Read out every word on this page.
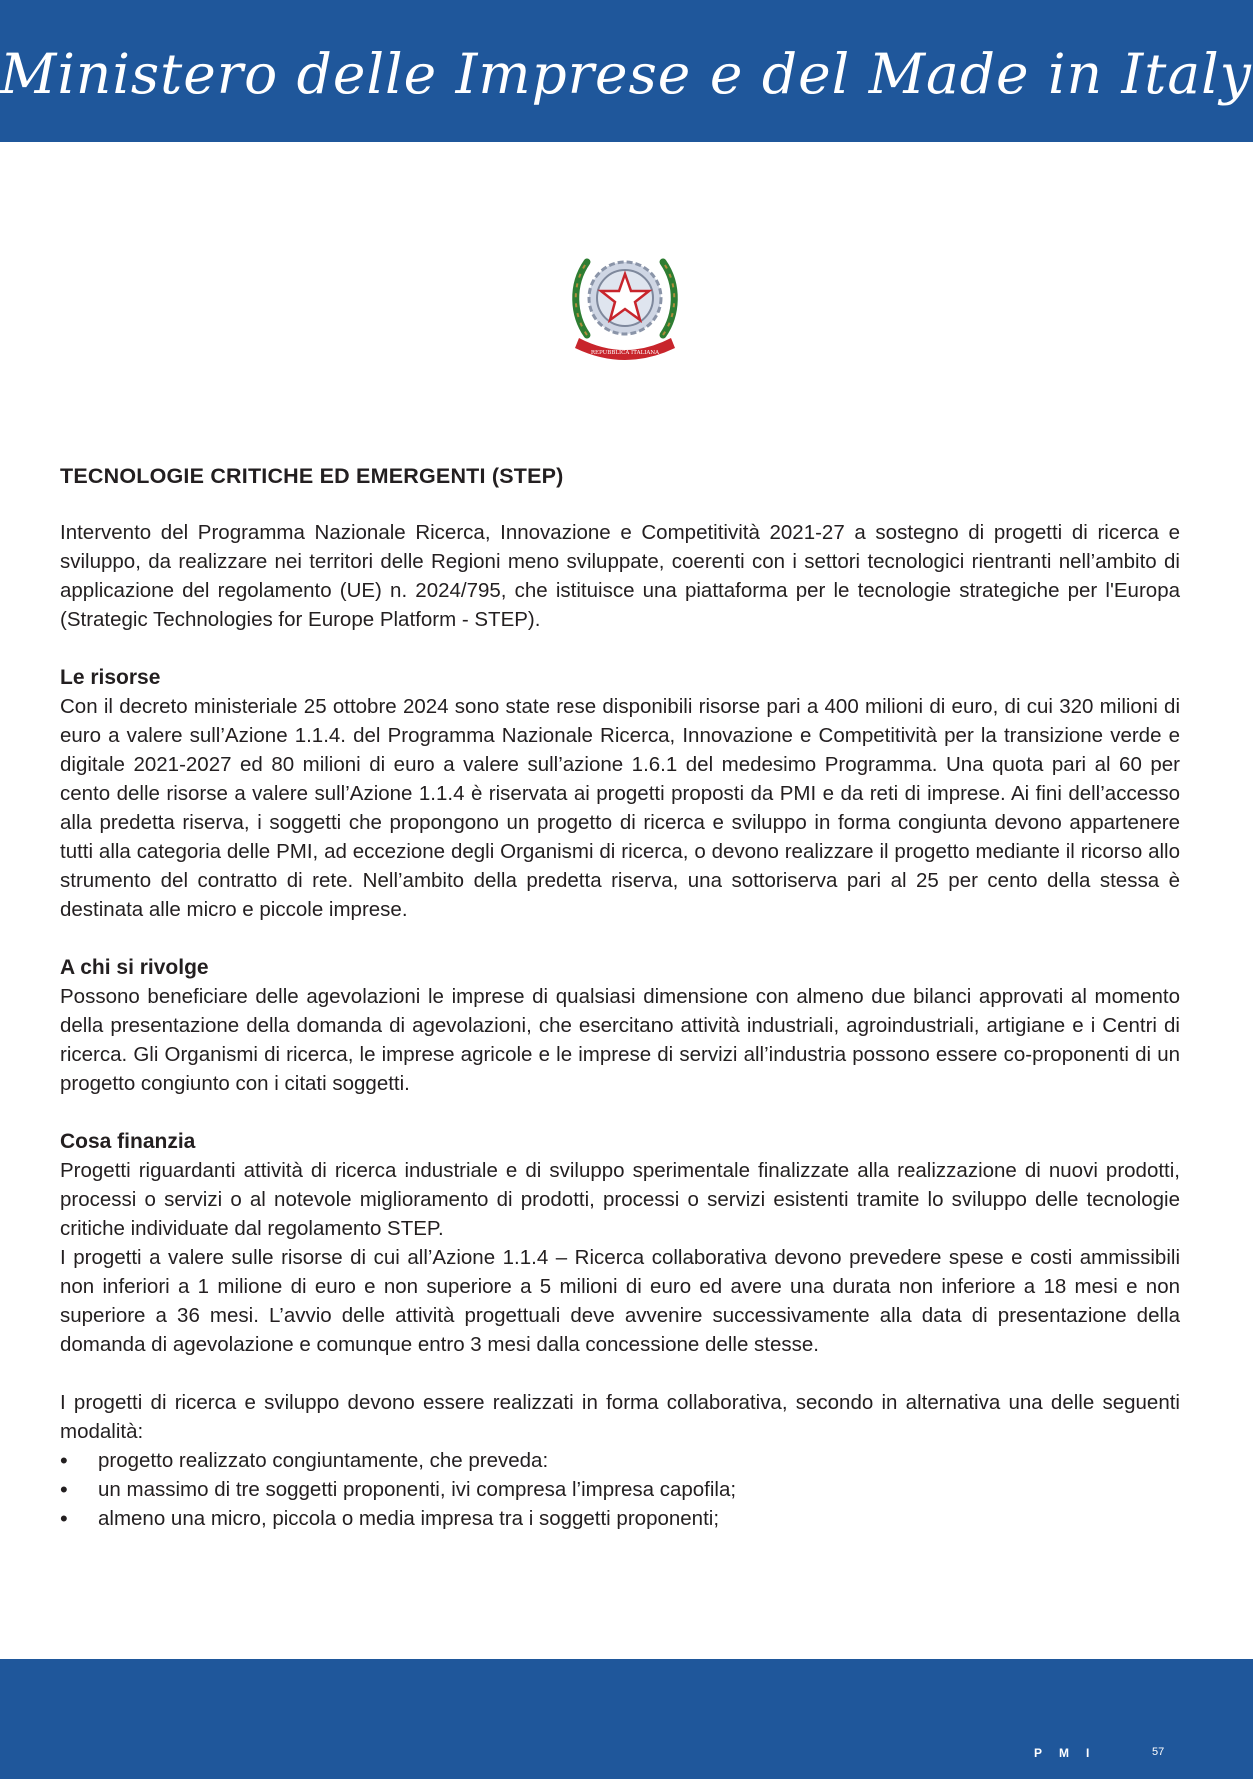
Ministero delle Imprese e del Made in Italy
REPUBBLICA ITALIANA
TECNOLOGIE CRITICHE ED EMERGENTI (STEP)

Intervento del Programma Nazionale Ricerca, Innovazione e Competitività 2021-27 a sostegno di progetti di ricerca e sviluppo, da realizzare nei territori delle Regioni meno sviluppate, coerenti con i settori tecnologici rientranti nell’ambito di applicazione del regolamento (UE) n. 2024/795, che istituisce una piattaforma per le tecnologie strategiche per l'Europa (Strategic Technologies for Europe Platform - STEP).

Le risorse

Con il decreto ministeriale 25 ottobre 2024 sono state rese disponibili risorse pari a 400 milioni di euro, di cui 320 milioni di euro a valere sull’Azione 1.1.4. del Programma Nazionale Ricerca, Innovazione e Competitività per la transizione verde e digitale 2021-2027 ed 80 milioni di euro a valere sull’azione 1.6.1 del medesimo Programma. Una quota pari al 60 per cento delle risorse a valere sull’Azione 1.1.4 è riservata ai progetti proposti da PMI e da reti di imprese. Ai fini dell’accesso alla predetta riserva, i soggetti che propongono un progetto di ricerca e sviluppo in forma congiunta devono appartenere tutti alla categoria delle PMI, ad eccezione degli Organismi di ricerca, o devono realizzare il progetto mediante il ricorso allo strumento del contratto di rete. Nell’ambito della predetta riserva, una sottoriserva pari al 25 per cento della stessa è destinata alle micro e piccole imprese.

A chi si rivolge

Possono beneficiare delle agevolazioni le imprese di qualsiasi dimensione con almeno due bilanci approvati al momento della presentazione della domanda di agevolazioni, che esercitano attività industriali, agroindustriali, artigiane e i Centri di ricerca. Gli Organismi di ricerca, le imprese agricole e le imprese di servizi all’industria possono essere co-proponenti di un progetto congiunto con i citati soggetti.

Cosa finanzia

Progetti riguardanti attività di ricerca industriale e di sviluppo sperimentale finalizzate alla realizzazione di nuovi prodotti, processi o servizi o al notevole miglioramento di prodotti, processi o servizi esistenti tramite lo sviluppo delle tecnologie critiche individuate dal regolamento STEP.

I progetti a valere sulle risorse di cui all’Azione 1.1.4 – Ricerca collaborativa devono prevedere spese e costi ammissibili non inferiori a 1 milione di euro e non superiore a 5 milioni di euro ed avere una durata non inferiore a 18 mesi e non superiore a 36 mesi. L’avvio delle attività progettuali deve avvenire successivamente alla data di presentazione della domanda di agevolazione e comunque entro 3 mesi dalla concessione delle stesse.

I progetti di ricerca e sviluppo devono essere realizzati in forma collaborativa, secondo in alternativa una delle seguenti modalità:

• progetto realizzato congiuntamente, che preveda:
• un massimo di tre soggetti proponenti, ivi compresa l’impresa capofila;
• almeno una micro, piccola o media impresa tra i soggetti proponenti;
PMI	57
